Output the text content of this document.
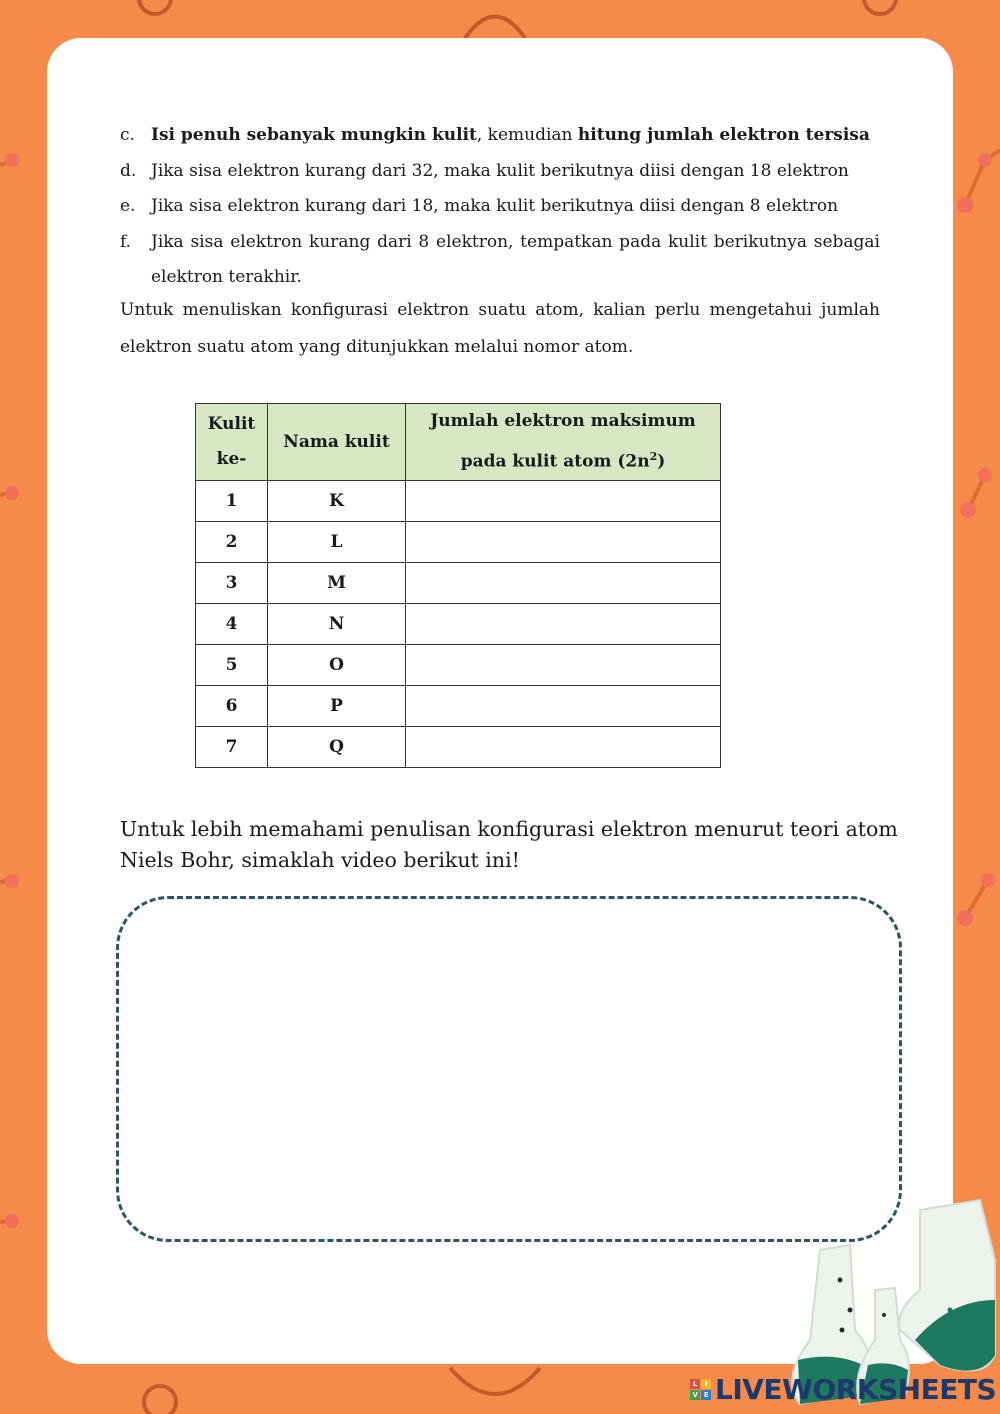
c. Isi penuh sebanyak mungkin kulit, kemudian hitung jumlah elektron tersisa
d. Jika sisa elektron kurang dari 32, maka kulit berikutnya diisi dengan 18 elektron
e. Jika sisa elektron kurang dari 18, maka kulit berikutnya diisi dengan 8 elektron
f.	Jika sisa elektron kurang dari 8 elektron, tempatkan pada kulit berikutnya sebagai elektron terakhir.
Untuk menuliskan konfigurasi elektron suatu atom, kalian perlu mengetahui jumlah elektron suatu atom yang ditunjukkan melalui nomor atom.
Kulit ke-	Nama kulit	Jumlah elektron maksimum
pada kulit atom $(2n^2)$
1	K	
2	L	
3	M	
4	N	
5	O	
6	P	
7	Q	
Untuk lebih memahami penulisan konfigurasi elektron menurut teori atom Niels Bohr, simaklah video berikut ini!
L	I
V E LIVEWORKSHEETS
